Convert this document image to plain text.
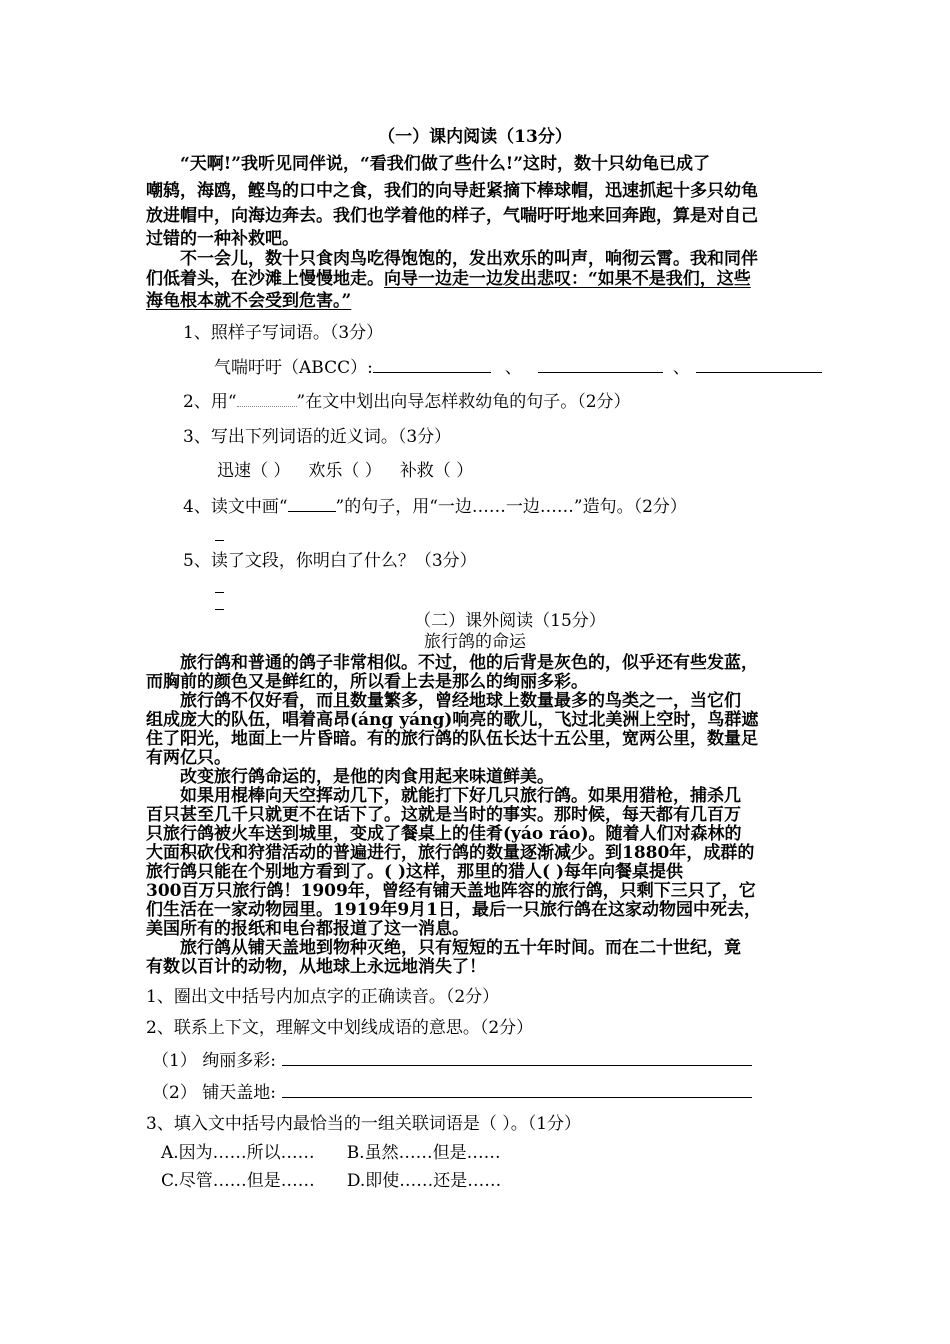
（一）课内阅读（13分）
“天啊!”我听见同伴说，“看我们做了些什么!”这时，数十只幼龟已成了
嘲鸫，海鸥，鲣鸟的口中之食，我们的向导赶紧摘下棒球帽，迅速抓起十多只幼龟
放进帽中，向海边奔去。我们也学着他的样子，气喘吁吁地来回奔跑，算是对自己
过错的一种补救吧。
不一会儿，数十只食肉鸟吃得饱饱的，发出欢乐的叫声，响彻云霄。我和同伴
们低着头，在沙滩上慢慢地走。向导一边走一边发出悲叹：“如果不是我们，这些
海龟根本就不会受到危害。”
1、照样子写词语。（3分）
气喘吁吁（ABCC）:	、	、
2、用“	”在文中划出向导怎样救幼龟的句子。（2分）
3、写出下列词语的近义词。（3分）
迅速（ ） 欢乐（ ） 补救（ ）
4、读文中画“	”的句子，用“一边……一边……”造句。（2分）
5、读了文段，你明白了什么？（3分）
（二）课外阅读（15分）
旅行鸽的命运
旅行鸽和普通的鸽子非常相似。不过，他的后背是灰色的，似乎还有些发蓝，
而胸前的颜色又是鲜红的，所以看上去是那么的绚丽多彩。
旅行鸽不仅好看，而且数量繁多，曾经地球上数量最多的鸟类之一，当它们
组成庞大的队伍，唱着高昂(áng yáng)响亮的歌儿，飞过北美洲上空时，鸟群遮
住了阳光，地面上一片昏暗。有的旅行鸽的队伍长达十五公里，宽两公里，数量足
有两亿只。
改变旅行鸽命运的，是他的肉食用起来味道鲜美。
如果用棍棒向天空挥动几下，就能打下好几只旅行鸽。如果用猎枪，捕杀几
百只甚至几千只就更不在话下了。这就是当时的事实。那时候，每天都有几百万
只旅行鸽被火车送到城里，变成了餐桌上的佳肴(yáo ráo)。随着人们对森林的
大面积砍伐和狩猎活动的普遍进行，旅行鸽的数量逐渐减少。到1880年，成群的
旅行鸽只能在个别地方看到了。( )这样，那里的猎人( )每年向餐桌提供
300百万只旅行鸽！1909年，曾经有铺天盖地阵容的旅行鸽，只剩下三只了，它
们生活在一家动物园里。1919年9月1日，最后一只旅行鸽在这家动物园中死去，
美国所有的报纸和电台都报道了这一消息。
旅行鸽从铺天盖地到物种灭绝，只有短短的五十年时间。而在二十世纪，竟
有数以百计的动物，从地球上永远地消失了！
1、圈出文中括号内加点字的正确读音。（2分）
2、联系上下文，理解文中划线成语的意思。（2分）
（1） 绚丽多彩:
（2） 铺天盖地:
3、填入文中括号内最恰当的一组关联词语是（ ）。（1分）
A.因为……所以…… B.虽然……但是……
C.尽管……但是…… D.即使……还是……
